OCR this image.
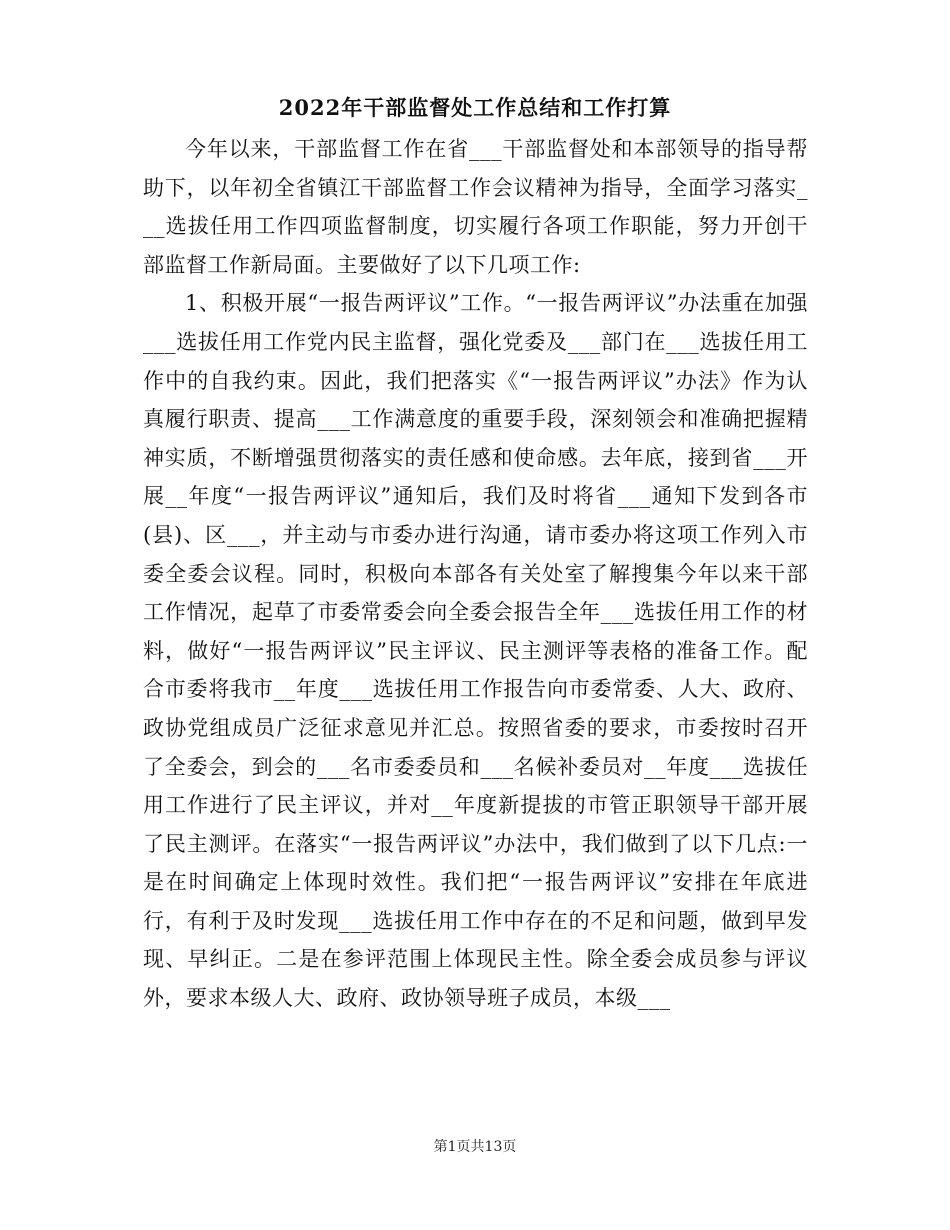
2022年干部监督处工作总结和工作打算

今年以来，干部监督工作在省___干部监督处和本部领导的指导帮助下，以年初全省镇江干部监督工作会议精神为指导，全面学习落实___选拔任用工作四项监督制度，切实履行各项工作职能，努力开创干部监督工作新局面。主要做好了以下几项工作:

1、积极开展“一报告两评议”工作。“一报告两评议”办法重在加强___选拔任用工作党内民主监督，强化党委及___部门在___选拔任用工作中的自我约束。因此，我们把落实《“一报告两评议”办法》作为认真履行职责、提高___工作满意度的重要手段，深刻领会和准确把握精神实质，不断增强贯彻落实的责任感和使命感。去年底，接到省___开展__年度“一报告两评议”通知后，我们及时将省___通知下发到各市(县)、区___，并主动与市委办进行沟通，请市委办将这项工作列入市委全委会议程。同时，积极向本部各有关处室了解搜集今年以来干部工作情况，起草了市委常委会向全委会报告全年___选拔任用工作的材料，做好“一报告两评议”民主评议、民主测评等表格的准备工作。配合市委将我市__年度___选拔任用工作报告向市委常委、人大、政府、政协党组成员广泛征求意见并汇总。按照省委的要求，市委按时召开了全委会，到会的___名市委委员和___名候补委员对__年度___选拔任用工作进行了民主评议，并对__年度新提拔的市管正职领导干部开展了民主测评。在落实“一报告两评议”办法中，我们做到了以下几点:一是在时间确定上体现时效性。我们把“一报告两评议”安排在年底进行，有利于及时发现___选拔任用工作中存在的不足和问题，做到早发现、早纠正。二是在参评范围上体现民主性。除全委会成员参与评议外，要求本级人大、政府、政协领导班子成员，本级___

第1页共13页
